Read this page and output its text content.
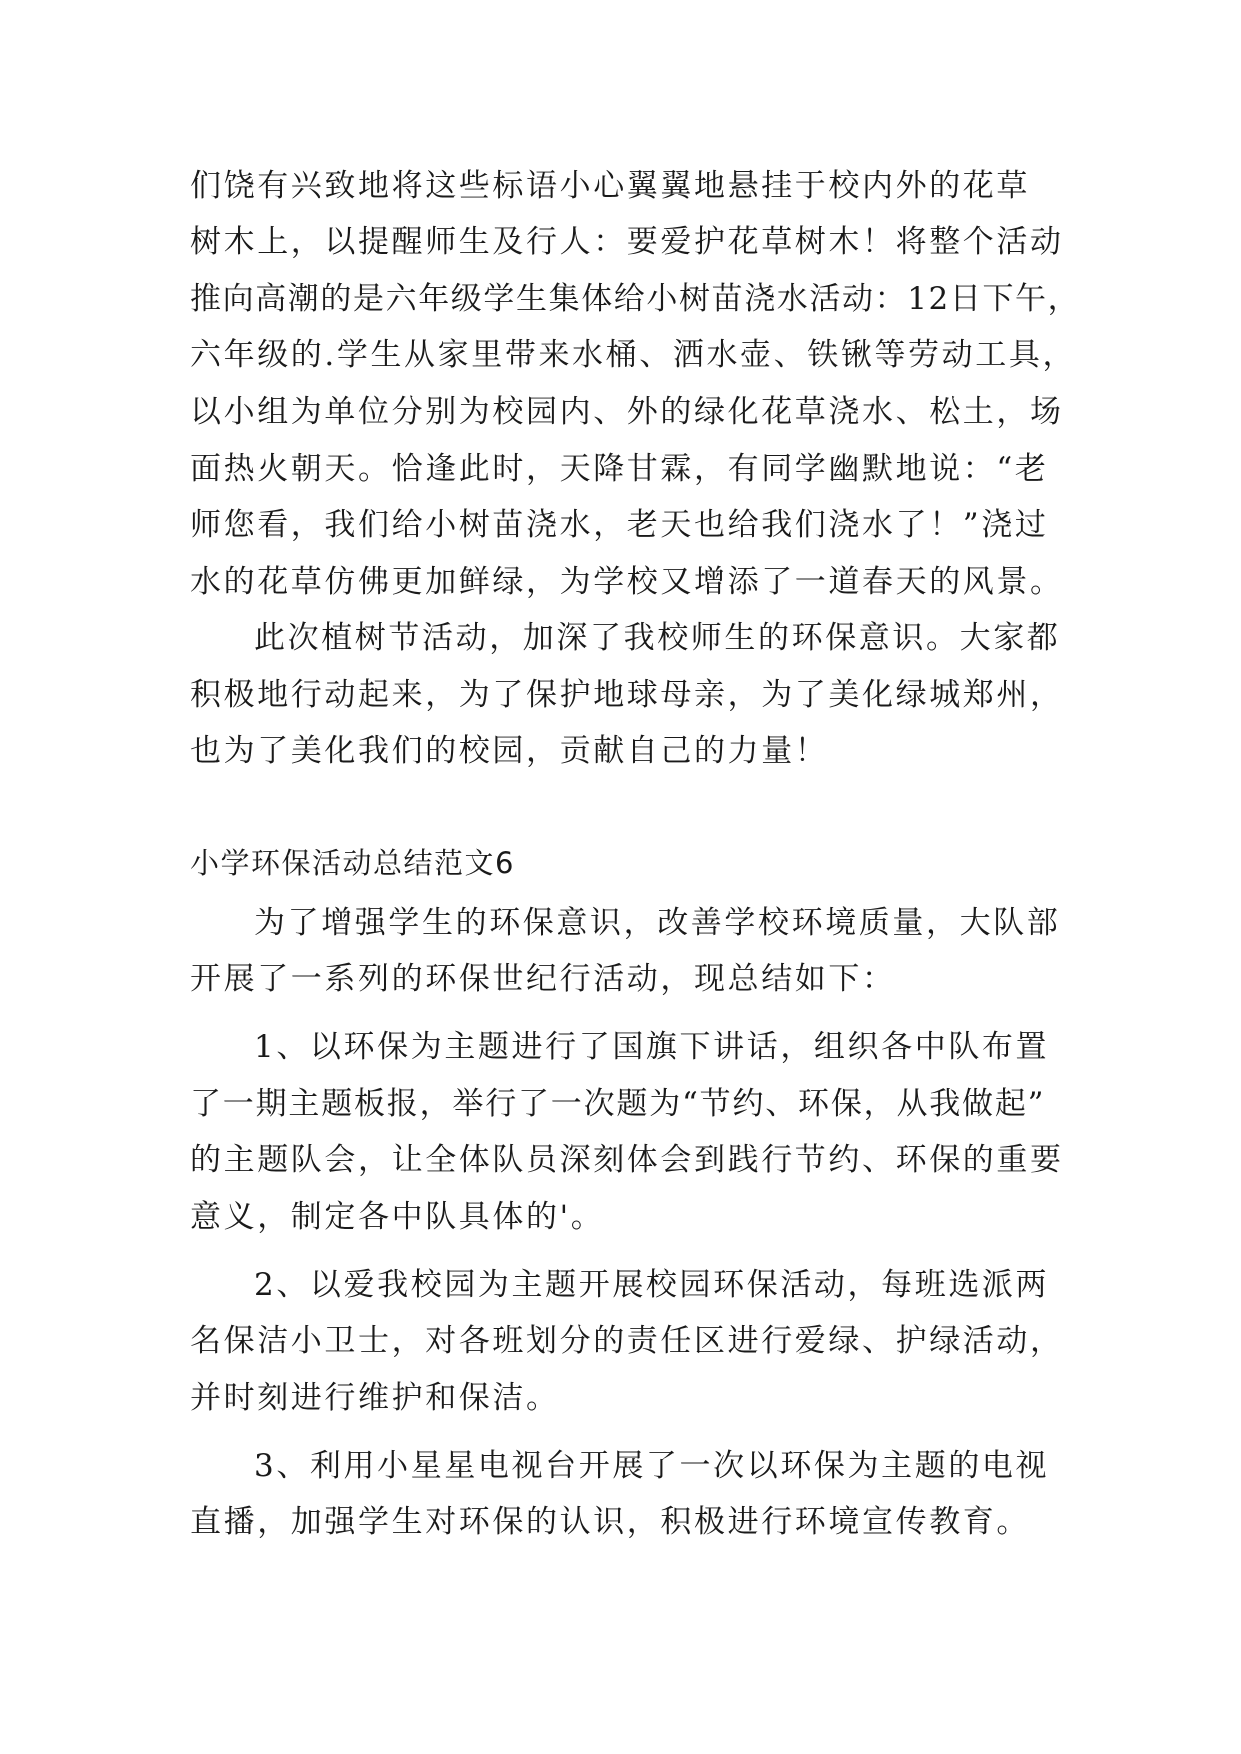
们饶有兴致地将这些标语小心翼翼地悬挂于校内外的花草
树木上，以提醒师生及行人：要爱护花草树木！将整个活动
推向高潮的是六年级学生集体给小树苗浇水活动：12日下午，
六年级的.学生从家里带来水桶、洒水壶、铁锹等劳动工具，
以小组为单位分别为校园内、外的绿化花草浇水、松土，场
面热火朝天。恰逢此时，天降甘霖，有同学幽默地说：“老
师您看，我们给小树苗浇水，老天也给我们浇水了！”浇过
水的花草仿佛更加鲜绿，为学校又增添了一道春天的风景。
此次植树节活动，加深了我校师生的环保意识。大家都
积极地行动起来，为了保护地球母亲，为了美化绿城郑州，
也为了美化我们的校园，贡献自己的力量！
小学环保活动总结范文6
为了增强学生的环保意识，改善学校环境质量，大队部
开展了一系列的环保世纪行活动，现总结如下：
1、以环保为主题进行了国旗下讲话，组织各中队布置
了一期主题板报，举行了一次题为“节约、环保，从我做起”
的主题队会，让全体队员深刻体会到践行节约、环保的重要
意义，制定各中队具体的'。
2、以爱我校园为主题开展校园环保活动，每班选派两
名保洁小卫士，对各班划分的责任区进行爱绿、护绿活动，
并时刻进行维护和保洁。
3、利用小星星电视台开展了一次以环保为主题的电视
直播，加强学生对环保的认识，积极进行环境宣传教育。
